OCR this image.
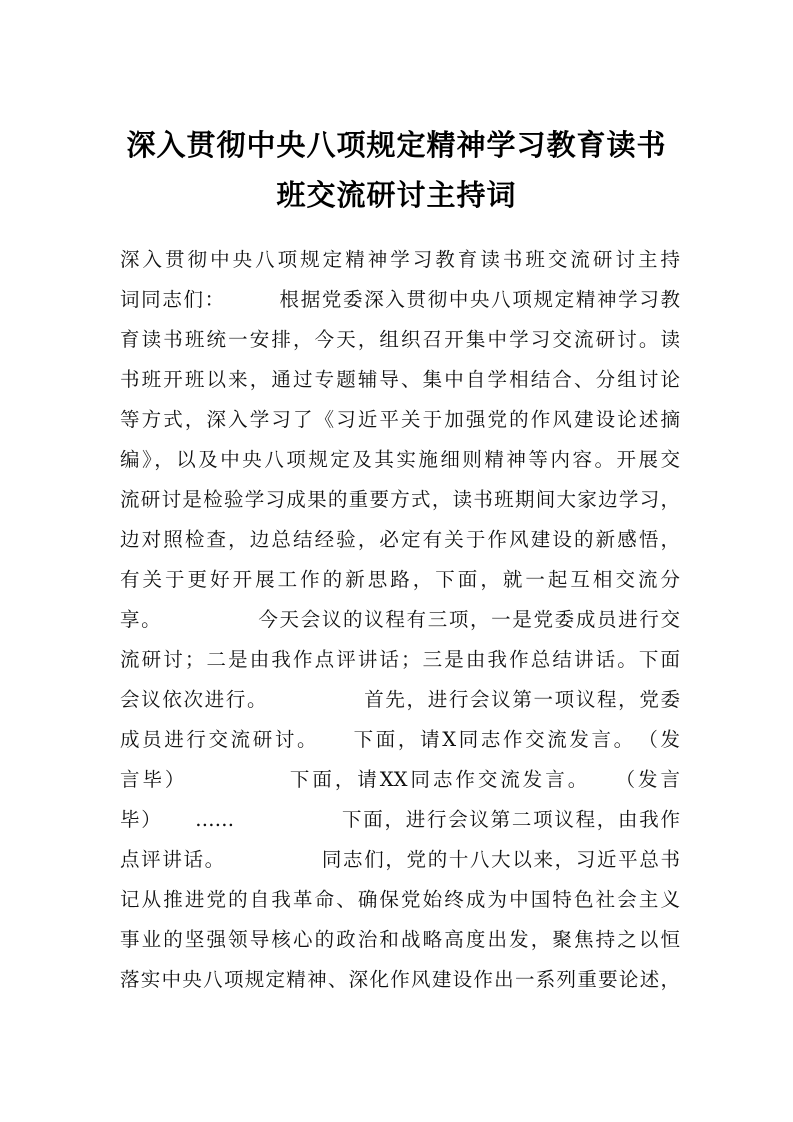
深入贯彻中央八项规定精神学习教育读书
班交流研讨主持词
深入贯彻中央八项规定精神学习教育读书班交流研讨主持
词同志们：　　　根据党委深入贯彻中央八项规定精神学习教
育读书班统一安排，今天，组织召开集中学习交流研讨。读
书班开班以来，通过专题辅导、集中自学相结合、分组讨论
等方式，深入学习了《习近平关于加强党的作风建设论述摘
编》，以及中央八项规定及其实施细则精神等内容。开展交
流研讨是检验学习成果的重要方式，读书班期间大家边学习，
边对照检查，边总结经验，必定有关于作风建设的新感悟，
有关于更好开展工作的新思路，下面，就一起互相交流分
享。　　　　　今天会议的议程有三项，一是党委成员进行交
流研讨；二是由我作点评讲话；三是由我作总结讲话。下面
会议依次进行。　　　　　首先，进行会议第一项议程，党委
成员进行交流研讨。　　下面，请X同志作交流发言。　（发
言毕）　　　　　下面，请XX同志作交流发言。　　（发言
毕）　　……　　　　　下面，进行会议第二项议程，由我作
点评讲话。　　　　　同志们，党的十八大以来，习近平总书
记从推进党的自我革命、确保党始终成为中国特色社会主义
事业的坚强领导核心的政治和战略高度出发，聚焦持之以恒
落实中央八项规定精神、深化作风建设作出一系列重要论述，
